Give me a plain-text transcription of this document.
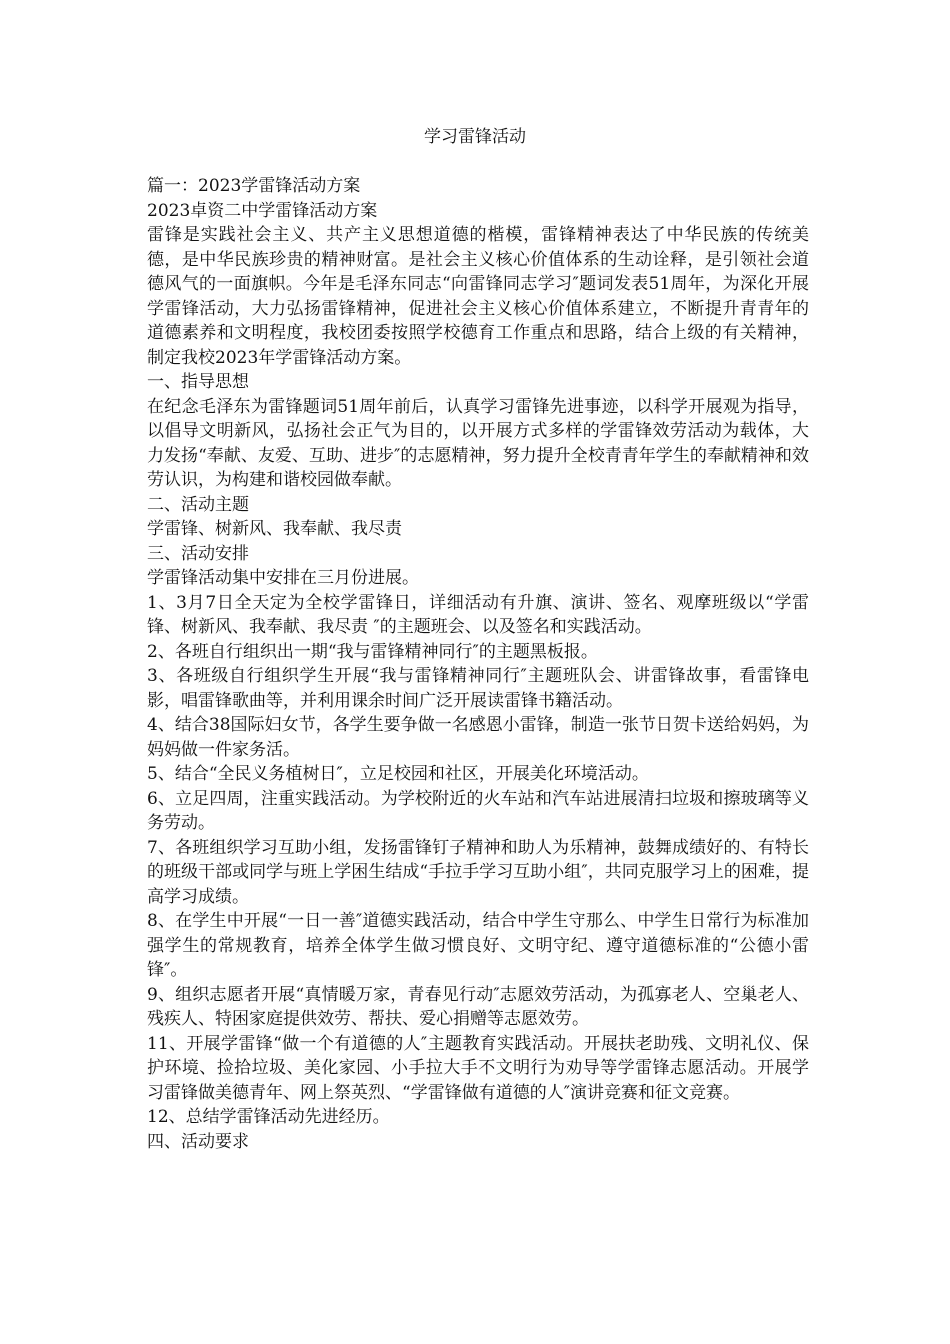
学习雷锋活动

篇一：2023学雷锋活动方案

2023卓资二中学雷锋活动方案

雷锋是实践社会主义、共产主义思想道德的楷模，雷锋精神表达了中华民族的传统美德，是中华民族珍贵的精神财富。是社会主义核心价值体系的生动诠释，是引领社会道德风气的一面旗帜。今年是毛泽东同志“向雷锋同志学习″题词发表51周年，为深化开展学雷锋活动，大力弘扬雷锋精神，促进社会主义核心价值体系建立，不断提升青青年的道德素养和文明程度，我校团委按照学校德育工作重点和思路，结合上级的有关精神，制定我校2023年学雷锋活动方案。

一、指导思想

在纪念毛泽东为雷锋题词51周年前后，认真学习雷锋先进事迹，以科学开展观为指导，以倡导文明新风，弘扬社会正气为目的，以开展方式多样的学雷锋效劳活动为载体，大力发扬“奉献、友爱、互助、进步″的志愿精神，努力提升全校青青年学生的奉献精神和效劳认识，为构建和谐校园做奉献。

二、活动主题

学雷锋、树新风、我奉献、我尽责

三、活动安排

学雷锋活动集中安排在三月份进展。

1、3月7日全天定为全校学雷锋日，详细活动有升旗、演讲、签名、观摩班级以“学雷锋、树新风、我奉献、我尽责 ″的主题班会、以及签名和实践活动。

2、各班自行组织出一期“我与雷锋精神同行″的主题黑板报。

3、各班级自行组织学生开展“我与雷锋精神同行″主题班队会、讲雷锋故事，看雷锋电影，唱雷锋歌曲等，并利用课余时间广泛开展读雷锋书籍活动。

4、结合38国际妇女节，各学生要争做一名感恩小雷锋，制造一张节日贺卡送给妈妈，为妈妈做一件家务活。

5、结合“全民义务植树日″，立足校园和社区，开展美化环境活动。

6、立足四周，注重实践活动。为学校附近的火车站和汽车站进展清扫垃圾和擦玻璃等义务劳动。

7、各班组织学习互助小组，发扬雷锋钉子精神和助人为乐精神，鼓舞成绩好的、有特长的班级干部或同学与班上学困生结成“手拉手学习互助小组″，共同克服学习上的困难，提高学习成绩。

8、在学生中开展“一日一善″道德实践活动，结合中学生守那么、中学生日常行为标准加强学生的常规教育，培养全体学生做习惯良好、文明守纪、遵守道德标准的“公德小雷锋″。

9、组织志愿者开展“真情暖万家，青春见行动″志愿效劳活动，为孤寡老人、空巢老人、残疾人、特困家庭提供效劳、帮扶、爱心捐赠等志愿效劳。

11、开展学雷锋“做一个有道德的人″主题教育实践活动。开展扶老助残、文明礼仪、保护环境、捡拾垃圾、美化家园、小手拉大手不文明行为劝导等学雷锋志愿活动。开展学习雷锋做美德青年、网上祭英烈、“学雷锋做有道德的人″演讲竞赛和征文竞赛。

12、总结学雷锋活动先进经历。

四、活动要求
